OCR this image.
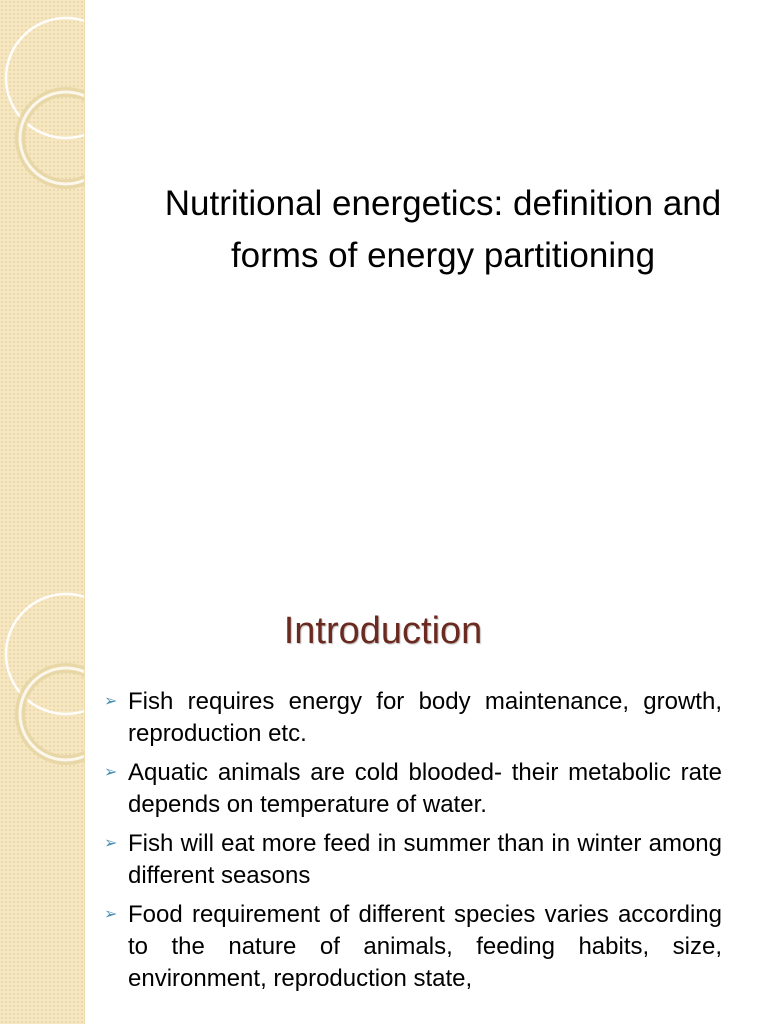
Nutritional energetics: definition and forms of energy partitioning
Introduction
➢ Fish requires energy for body maintenance, growth, reproduction etc.
➢ Aquatic animals are cold blooded- their metabolic rate depends on temperature of water.
➢ Fish will eat more feed in summer than in winter among different seasons
➢ Food requirement of different species varies according to the nature of animals, feeding habits, size, environment, reproduction state,
